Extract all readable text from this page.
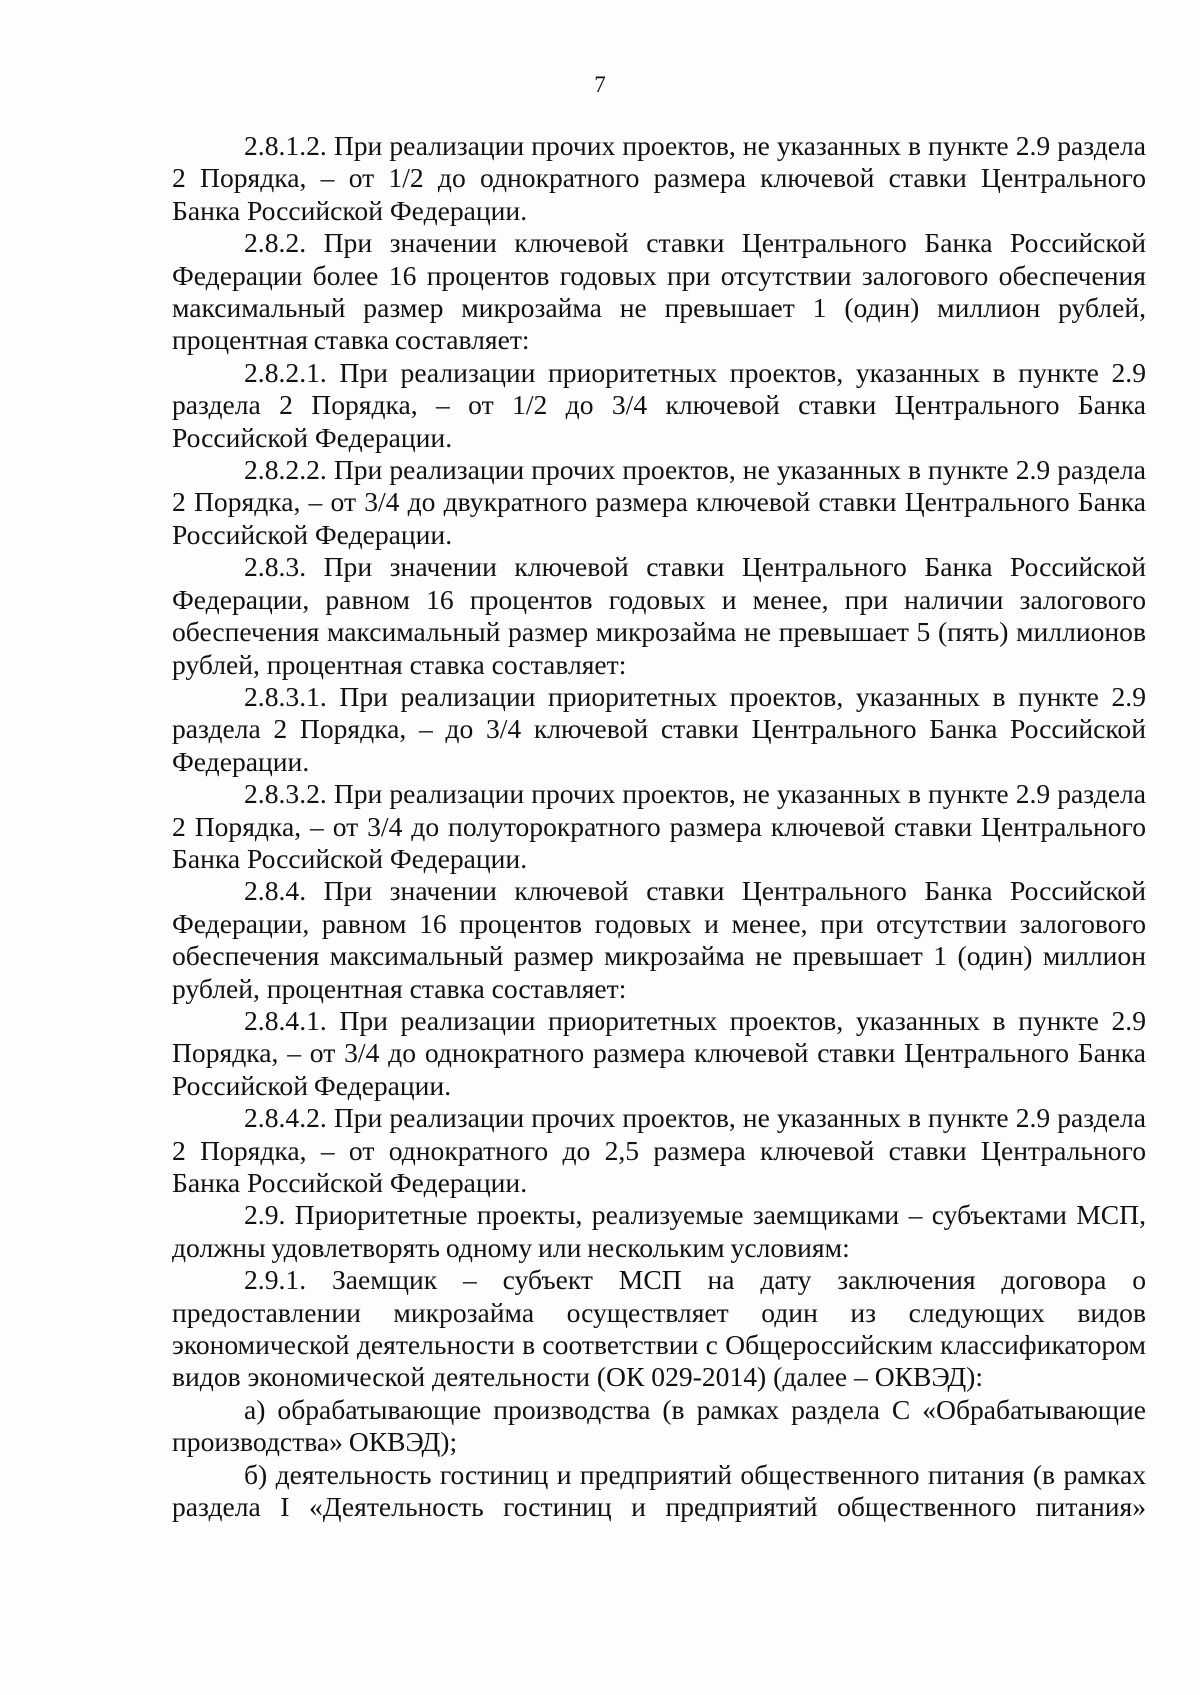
7

2.8.1.2. При реализации прочих проектов, не указанных в пункте 2.9 раздела 2 Порядка, – от 1/2 до однократного размера ключевой ставки Центрального Банка Российской Федерации.

2.8.2. При значении ключевой ставки Центрального Банка Российской Федерации более 16 процентов годовых при отсутствии залогового обеспечения максимальный размер микрозайма не превышает 1 (один) миллион рублей, процентная ставка составляет:

2.8.2.1. При реализации приоритетных проектов, указанных в пункте 2.9 раздела 2 Порядка, – от 1/2 до 3/4 ключевой ставки Центрального Банка Российской Федерации.

2.8.2.2. При реализации прочих проектов, не указанных в пункте 2.9 раздела 2 Порядка, – от 3/4 до двукратного размера ключевой ставки Центрального Банка Российской Федерации.

2.8.3. При значении ключевой ставки Центрального Банка Российской Федерации, равном 16 процентов годовых и менее, при наличии залогового обеспечения максимальный размер микрозайма не превышает 5 (пять) миллионов рублей, процентная ставка составляет:

2.8.3.1. При реализации приоритетных проектов, указанных в пункте 2.9 раздела 2 Порядка, – до 3/4 ключевой ставки Центрального Банка Российской Федерации.

2.8.3.2. При реализации прочих проектов, не указанных в пункте 2.9 раздела 2 Порядка, – от 3/4 до полуторократного размера ключевой ставки Центрального Банка Российской Федерации.

2.8.4. При значении ключевой ставки Центрального Банка Российской Федерации, равном 16 процентов годовых и менее, при отсутствии залогового обеспечения максимальный размер микрозайма не превышает 1 (один) миллион рублей, процентная ставка составляет:

2.8.4.1. При реализации приоритетных проектов, указанных в пункте 2.9 Порядка, – от 3/4 до однократного размера ключевой ставки Центрального Банка Российской Федерации.

2.8.4.2. При реализации прочих проектов, не указанных в пункте 2.9 раздела 2 Порядка, – от однократного до 2,5 размера ключевой ставки Центрального Банка Российской Федерации.

2.9. Приоритетные проекты, реализуемые заемщиками – субъектами МСП, должны удовлетворять одному или нескольким условиям:

2.9.1. Заемщик – субъект МСП на дату заключения договора о предоставлении микрозайма осуществляет один из следующих видов экономической деятельности в соответствии с Общероссийским классификатором видов экономической деятельности (ОК 029-2014) (далее – ОКВЭД):

а) обрабатывающие производства (в рамках раздела С «Обрабатывающие производства» ОКВЭД);

б) деятельность гостиниц и предприятий общественного питания (в рамках раздела I «Деятельность гостиниц и предприятий общественного питания»
